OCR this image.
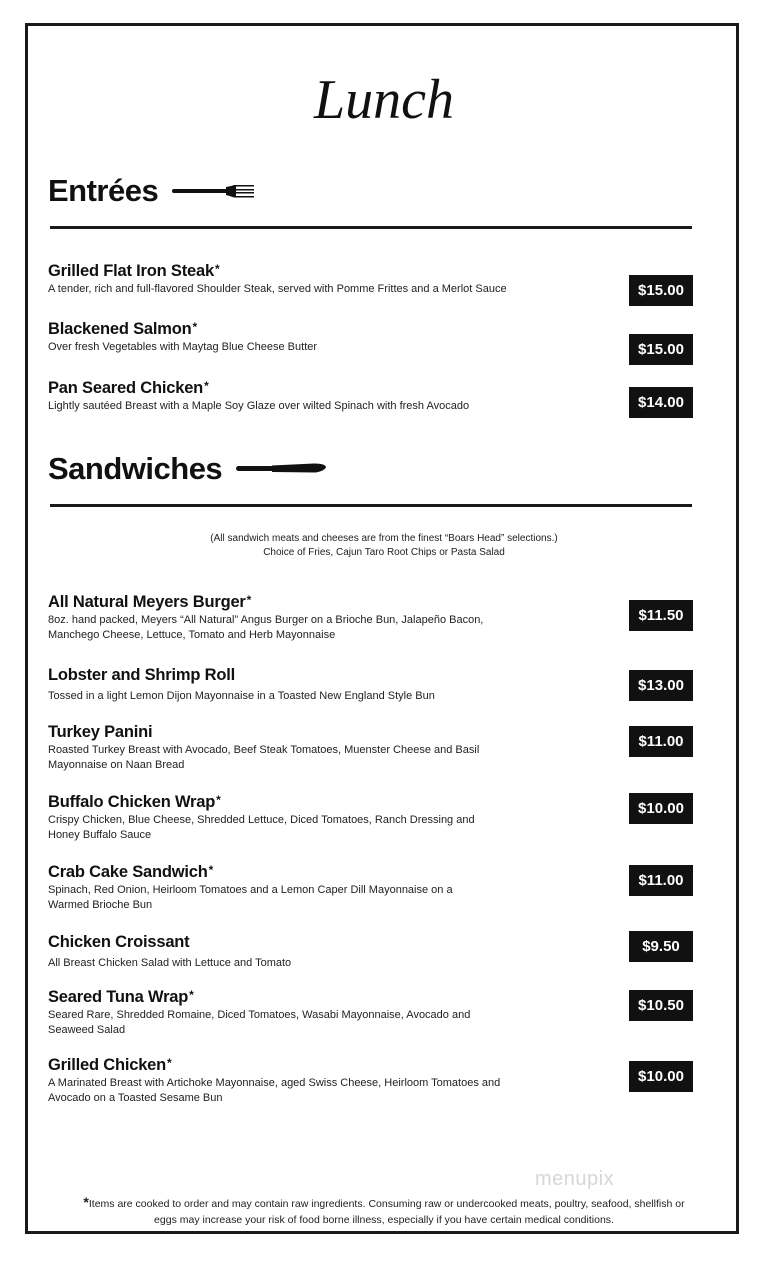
Lunch
Entrées
Grilled Flat Iron Steak*
A tender, rich and full-flavored Shoulder Steak, served with Pomme Frittes and a Merlot Sauce	$15.00
Blackened Salmon*
Over fresh Vegetables with Maytag Blue Cheese Butter	$15.00
Pan Seared Chicken*
Lightly sautéed Breast with a Maple Soy Glaze over wilted Spinach with fresh Avocado	$14.00
Sandwiches
(All sandwich meats and cheeses are from the finest “Boars Head” selections.)
Choice of Fries, Cajun Taro Root Chips or Pasta Salad
All Natural Meyers Burger*
8oz. hand packed, Meyers “All Natural” Angus Burger on a Brioche Bun, Jalapeño Bacon, Manchego Cheese, Lettuce, Tomato and Herb Mayonnaise
$11.50
Lobster and Shrimp Roll
Tossed in a light Lemon Dijon Mayonnaise in a Toasted New England Style Bun
$13.00
Turkey Panini
Roasted Turkey Breast with Avocado, Beef Steak Tomatoes, Muenster Cheese and Basil Mayonnaise on Naan Bread
$11.00
Buffalo Chicken Wrap*
Crispy Chicken, Blue Cheese, Shredded Lettuce, Diced Tomatoes, Ranch Dressing and Honey Buffalo Sauce
$10.00
Crab Cake Sandwich*
Spinach, Red Onion, Heirloom Tomatoes and a Lemon Caper Dill Mayonnaise on a Warmed Brioche Bun
$11.00
Chicken Croissant
All Breast Chicken Salad with Lettuce and Tomato
$9.50
Seared Tuna Wrap*
Seared Rare, Shredded Romaine, Diced Tomatoes, Wasabi Mayonnaise, Avocado and Seaweed Salad
$10.50
Grilled Chicken*
A Marinated Breast with Artichoke Mayonnaise, aged Swiss Cheese, Heirloom Tomatoes and Avocado on a Toasted Sesame Bun
$10.00
menupix
*Items are cooked to order and may contain raw ingredients. Consuming raw or undercooked meats, poultry, seafood, shellfish or
eggs may increase your risk of food borne illness, especially if you have certain medical conditions.
